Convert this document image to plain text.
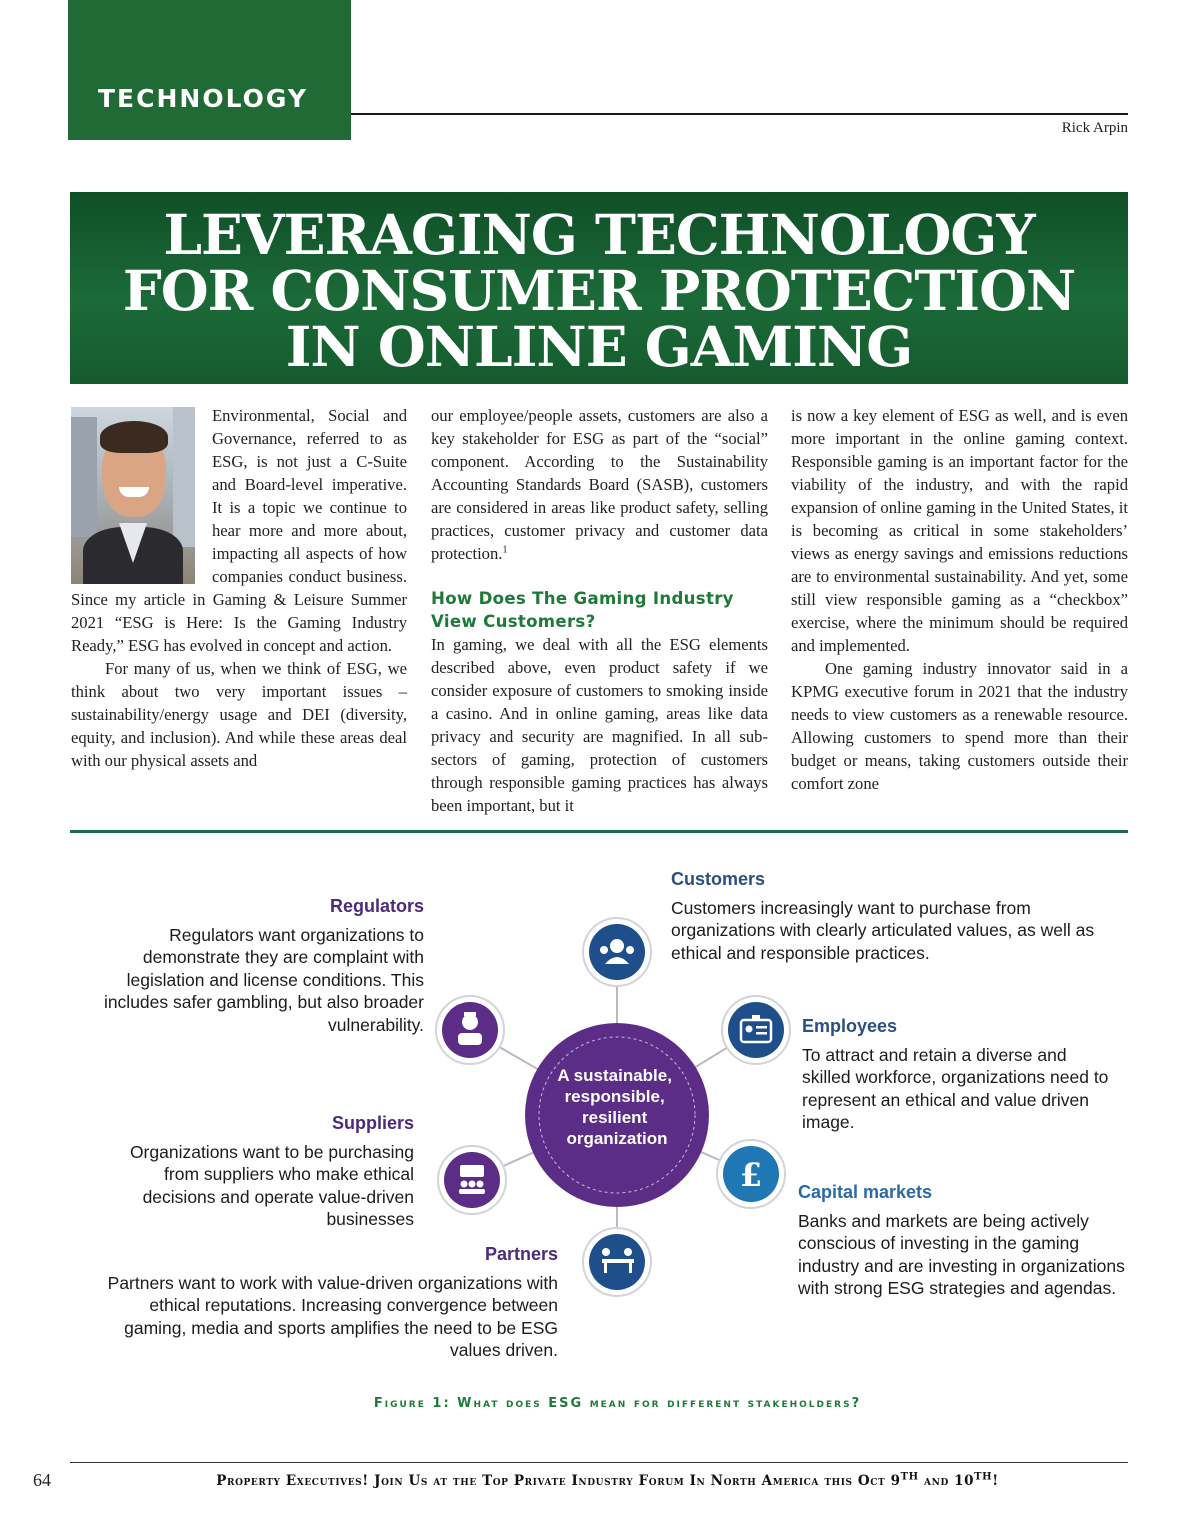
TECHNOLOGY
Rick Arpin
LEVERAGING TECHNOLOGY
FOR CONSUMER PROTECTION
IN ONLINE GAMING

Environmental, Social and Governance, referred to as ESG, is not just a C-Suite and Board-level imperative. It is a topic we continue to hear more and more about, impacting all aspects of how companies conduct business. Since my article in Gaming & Leisure Summer 2021 “ESG is Here: Is the Gaming Industry Ready,” ESG has evolved in concept and action.

For many of us, when we think of ESG, we think about two very important issues – sustainability/energy usage and DEI (diversity, equity, and inclusion). And while these areas deal with our physical assets and

our employee/people assets, customers are also a key stakeholder for ESG as part of the “social” component. According to the Sustainability Accounting Standards Board (SASB), customers are considered in areas like product safety, selling practices, customer privacy and customer data protection.$^1$

How Does The Gaming Industry View Customers?

In gaming, we deal with all the ESG elements described above, even product safety if we consider exposure of customers to smoking inside a casino. And in online gaming, areas like data privacy and security are magnified. In all sub-sectors of gaming, protection of customers through responsible gaming practices has always been important, but it

is now a key element of ESG as well, and is even more important in the online gaming context. Responsible gaming is an important factor for the viability of the industry, and with the rapid expansion of online gaming in the United States, it is becoming as critical in some stakeholders’ views as energy savings and emissions reductions are to environmental sustainability. And yet, some still view responsible gaming as a “checkbox” exercise, where the minimum should be required and implemented.

One gaming industry innovator said in a KPMG executive forum in 2021 that the industry needs to view customers as a renewable resource. Allowing customers to spend more than their budget or means, taking customers outside their comfort zone

Regulators

Regulators want organizations to demonstrate they are complaint with legislation and license conditions. This includes safer gambling, but also broader vulnerability.

Suppliers

Organizations want to be purchasing from suppliers who make ethical decisions and operate value-driven businesses

Partners

Partners want to work with value-driven organizations with ethical reputations. Increasing convergence between gaming, media and sports amplifies the need to be ESG values driven.

Customers

Customers increasingly want to purchase from organizations with clearly articulated values, as well as ethical and responsible practices.

Employees

To attract and retain a diverse and skilled workforce, organizations need to represent an ethical and value driven image.

Capital markets

Banks and markets are being actively conscious of investing in the gaming industry and are investing in organizations with strong ESG strategies and agendas.

A sustainable, responsible, resilient organization
£
Figure 1: What does ESG mean for different stakeholders?
64	Property Executives! Join Us at the Top Private Industry Forum In North America this Oct 9TH and 10TH!
